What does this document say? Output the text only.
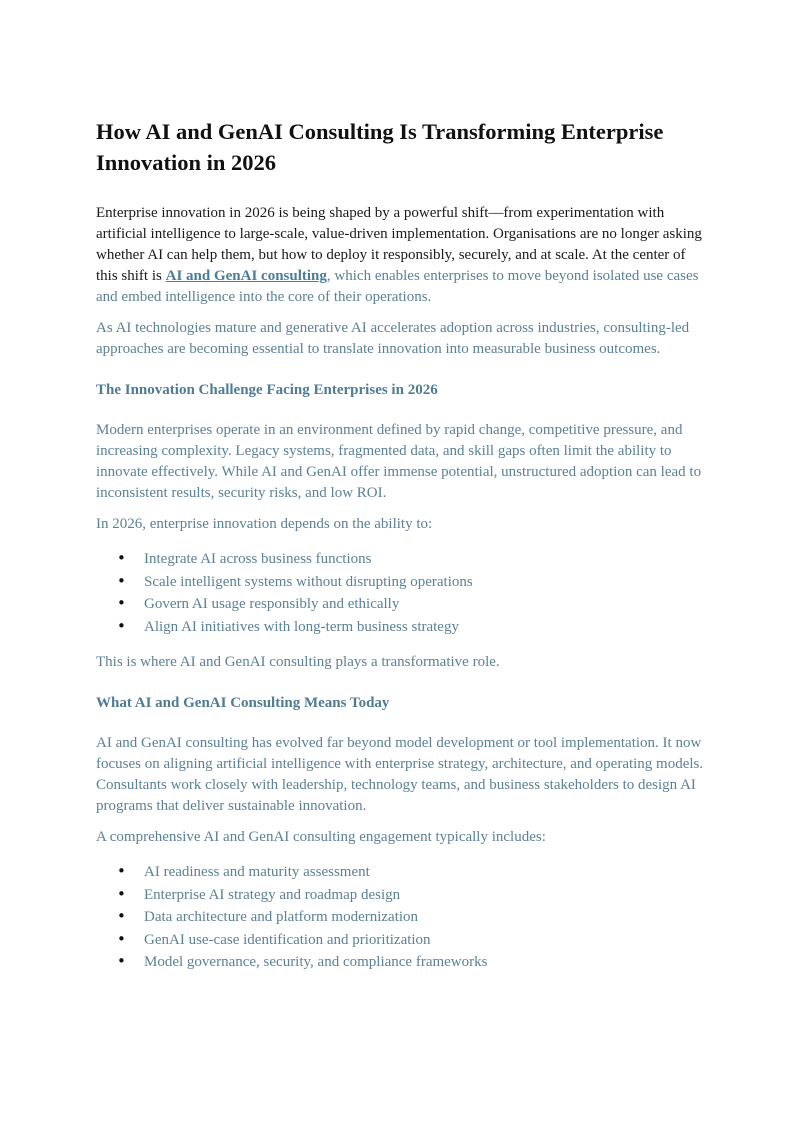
How AI and GenAI Consulting Is Transforming Enterprise Innovation in 2026

Enterprise innovation in 2026 is being shaped by a powerful shift—from experimentation with artificial intelligence to large-scale, value-driven implementation. Organisations are no longer asking whether AI can help them, but how to deploy it responsibly, securely, and at scale. At the center of this shift is AI and GenAI consulting, which enables enterprises to move beyond isolated use cases and embed intelligence into the core of their operations.

As AI technologies mature and generative AI accelerates adoption across industries, consulting-led approaches are becoming essential to translate innovation into measurable business outcomes.

The Innovation Challenge Facing Enterprises in 2026

Modern enterprises operate in an environment defined by rapid change, competitive pressure, and increasing complexity. Legacy systems, fragmented data, and skill gaps often limit the ability to innovate effectively. While AI and GenAI offer immense potential, unstructured adoption can lead to inconsistent results, security risks, and low ROI.

In 2026, enterprise innovation depends on the ability to:

• Integrate AI across business functions
• Scale intelligent systems without disrupting operations
• Govern AI usage responsibly and ethically
• Align AI initiatives with long-term business strategy

This is where AI and GenAI consulting plays a transformative role.

What AI and GenAI Consulting Means Today

AI and GenAI consulting has evolved far beyond model development or tool implementation. It now focuses on aligning artificial intelligence with enterprise strategy, architecture, and operating models. Consultants work closely with leadership, technology teams, and business stakeholders to design AI programs that deliver sustainable innovation.

A comprehensive AI and GenAI consulting engagement typically includes:

• AI readiness and maturity assessment
• Enterprise AI strategy and roadmap design
• Data architecture and platform modernization
• GenAI use-case identification and prioritization
• Model governance, security, and compliance frameworks
